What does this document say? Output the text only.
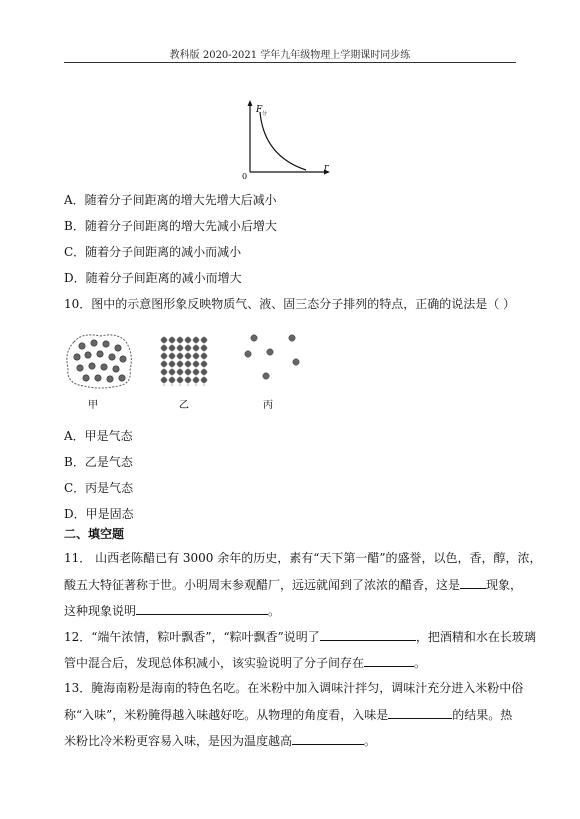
教科版 2020-2021 学年九年级物理上学期课时同步练
F 分
r
0
A．随着分子间距离的增大先增大后减小
B．随着分子间距离的增大先减小后增大
C．随着分子间距离的减小而减小
D．随着分子间距离的减小而增大
10．图中的示意图形象反映物质气、液、固三态分子排列的特点，正确的说法是（ ）
甲	乙	丙
A．甲是气态
B．乙是气态
C．丙是气态
D．甲是固态
二、填空题
11． 山西老陈醋已有 3000 余年的历史，素有“天下第一醋”的盛誉，以色，香，醇，浓，
酸五大特征著称于世。小明周末参观醋厂，远远就闻到了浓浓的醋香，这是 现象，
这种现象说明	。
12．“端午浓情，粽叶飘香”，“粽叶飘香”说明了	，把酒精和水在长玻璃
管中混合后，发现总体积减小，该实验说明了分子间存在	。
13．腌海南粉是海南的特色名吃。在米粉中加入调味汁拌匀，调味汁充分进入米粉中俗
称“入味”，米粉腌得越入味越好吃。从物理的角度看，入味是	的结果。热
米粉比冷米粉更容易入味，是因为温度越高	。
